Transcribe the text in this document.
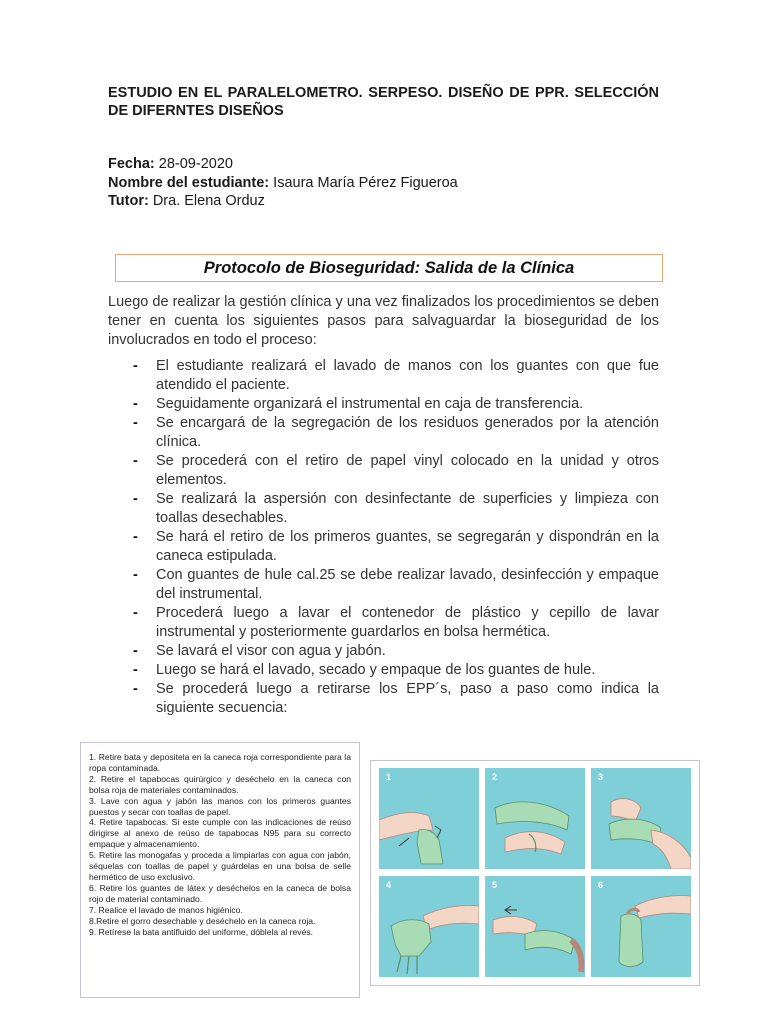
ESTUDIO EN EL PARALELOMETRO. SERPESO. DISEÑO DE PPR. SELECCIÓN DE DIFERNTES DISEÑOS
Fecha: 28-09-2020
Nombre del estudiante: Isaura María Pérez Figueroa
Tutor: Dra. Elena Orduz
Protocolo de Bioseguridad: Salida de la Clínica
Luego de realizar la gestión clínica y una vez finalizados los procedimientos se deben tener en cuenta los siguientes pasos para salvaguardar la bioseguridad de los involucrados en todo el proceso:
- El estudiante realizará el lavado de manos con los guantes con que fue atendido el paciente.
- Seguidamente organizará el instrumental en caja de transferencia.
- Se encargará de la segregación de los residuos generados por la atención clínica.
- Se procederá con el retiro de papel vinyl colocado en la unidad y otros elementos.
- Se realizará la aspersión con desinfectante de superficies y limpieza con toallas desechables.
- Se hará el retiro de los primeros guantes, se segregarán y dispondrán en la caneca estipulada.
- Con guantes de hule cal.25 se debe realizar lavado, desinfección y empaque del instrumental.
- Procederá luego a lavar el contenedor de plástico y cepillo de lavar instrumental y posteriormente guardarlos en bolsa hermética.
- Se lavará el visor con agua y jabón.
- Luego se hará el lavado, secado y empaque de los guantes de hule.
- Se procederá luego a retirarse los EPP´s, paso a paso como indica la siguiente secuencia:

1. Retire bata y depositela en la caneca roja correspondiente para la ropa contaminada.

2. Retire el tapabocas quirúrgico y deséchelo en la caneca con bolsa roja de materiales contaminados.

3. Lave con agua y jabón las manos con los primeros guantes puestos y secar con toallas de papel.

4. Retire tapabocas. Si este cumple con las indicaciones de reúso dirigirse al anexo de reúso de tapabocas N95 para su correcto empaque y almacenamiento.

5. Retire las monogafas y proceda a limpiarlas con agua con jabón, séquelas con toallas de papel y guárdelas en una bolsa de selle hermético de uso exclusivo.

6. Retire los guantes de látex y deséchelos en la caneca de bolsa rojo de material contaminado.

7. Realice el lavado de manos higiénico.

8.Retire el gorro desechable y deséchelo en la caneca roja.

9. Retírese la bata antifluido del uniforme, dóblela al revés.

1	2	3
4	5	6
